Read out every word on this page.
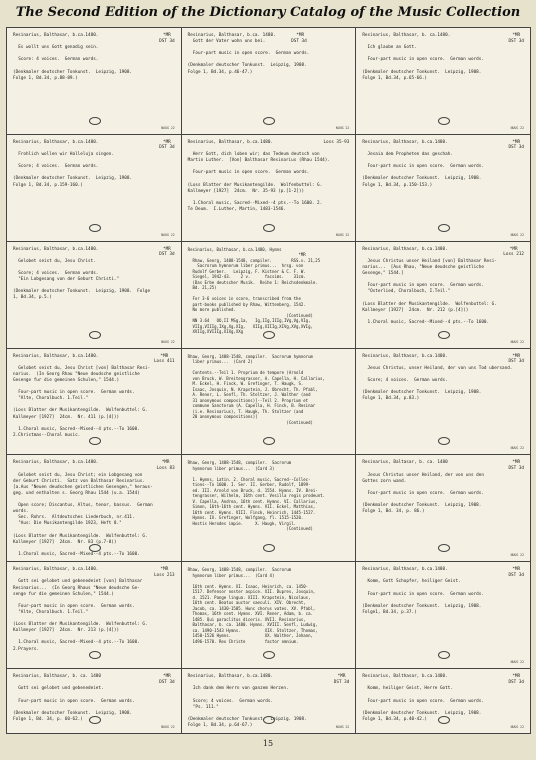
The Second Edition of the Dictionary Catalog of the Music Collection
Resinarius, Balthasar, b.ca.1480.

Es wollt uns Gott genadig sein.

Score: 4 voices.  German words.

(Denkmaler deutscher Tonkunst.  Leipzig, 1908.
Folge 1, Bd.34, p.88-89.)
*MR
DST 3d
NUUG 22
Resinarius, Balthasar, b.ca. 1480.        *MR
Gott der Vater wohn uns bei.          DST 3d

Four-part music in open score.  German words.

(Denkmaler deutscher Tonkunst.  Leipzig, 1908.
Folge 1, Bd.34, p.46-47.)
NUUG 22
Resinarius, Balthasar, b. ca.1480.

Ich glaube an Gott.

Four-part music in open score.  German words.

(Denkmaler deutscher Tonkunst.  Leipzig, 1908.
Folge 1, Bd.34, p.65-66.)
*MR
DST 3d
NUUG 22
Resinarius, Balthasar, b.ca.1480.

Frohlich wollen wir Halleluja singen.

Score; 4 voices.  German words.

(Denkmaler deutscher Tonkunst.  Leipzig, 1908.
Folge 1, Bd.34, p.159-160.)
*MR
DST 3d
NUUG 22
Resinarius, Balthasar, b.ca.1480.

Herr Gott, dich loben wir; das Tedeum deutsch von
Martin Luther.  [Von] Balthasar Resinarius (Rhau 1544).

Four-part music in open score.  German words.

(Loss Blatter der Musikantengilde.  Wolfenbuttel: G.
Kallmeyer [1927]  24cm.  Nr. 35-93 (p.[1-2]))

1.Choral music, Sacred--Mixed--4 pts.--To 1600. 2.
Te Deum.  I.Luther, Martin, 1483-1546.
Loss 35-93
NUUG 22
Resinarius, Balthasar, b.ca.1480.

Jesaia dem Propheten das geschah.

Four-part music in open score.  German words.

(Denkmaler deutscher Tonkunst.  Leipzig, 1908.
Folge 1, Bd.34, p.150-153.)
*MR
DST 3d
NUUG 22
Resinarius, Balthasar, b.ca.1480.

Gelobet seist du, Jesu Christ.

Score; 4 voices.  German words.
"Ein Lobgesang von der Geburt Christi."

(Denkmaler deutscher Tonkunst.  Leipzig, 1908.  Folge
1, Bd.34, p.5.)
*MR
DST 3d
NUUG 22
Resinarius, Balthasar, b.ca.1480, Hymns
*MR
Rhaw, Georg, 1488-1548, compiler.        RSS.v. 21,25
Sacrorum hymnorum liber primus...  hrsg. von
Rudolf Gerber.   Leipzig, F. Kistner & C. F. W.
Siegel, 1942-43.    2 v.      facsims.    31cm.
(Das Erbe deutscher Musik.  Reihe 1: Reichsdenkmale.
Bd. 21,25)

For 3-6 voices in score, transcribed from the
part-books published by Rhaw, Wittenberg, 1542.
No more published.
(Continued)
NN 3.64   OO,II MSg,1a,   Ig,IIg,IIIg,IVg,Vg,VIg,
VIIg,VIIIg,IXg,Xg,XIg,   XIIg,XIIIg,XIVg,XVg,XVIg,
XVIIg,XVIIIg,XIXg,XXg
Resinarius, Balthasar, b.ca.1480.

Jesus Christus unser Heiland [von] Balthasar Resi-
narius...  [Aus Rhau, "Neue deudsche geistliche
Gesenge," 1544.]

Four-part music in open score.  German words.
"Osterlied, Choralbuch, I.Teil."

(Loss Blatter der Musikantengilde.  Wolfenbuttel: G.
Kallmeyer [1927]  24cm.  Nr. 212 (p.[4]))

1.Choral music, Sacred--Mixed--4 pts.--To 1600.
*MR
Loss 212
NUUG 22
Resinarius, Balthasar, b.ca.1480.

Gelobet seist du, Jesu Christ [von] Balthasar Resi-
narius.  (In Georg Rhau "Neue deudsche geistliche
Gesenge fur die gemeinen Schulen," 1544.)

Four-part music in open score.  German words.
"Alte, Choralbuch. 1.Teil."

(Loss Blatter der Musikantengilde.  Wolfenbuttel: G.
Kallmeyer [1927]  24cm.  Nr. 411 (p.[4]))

1.Choral music, Sacred--Mixed--4 pts.--To 1600.
2.Christmas--Choral music.
*MR
Loss 411
Rhaw, Georg, 1488-1548, compiler.  Sacrorum hymnorum
liber primus...  (Card 2)

Contents.--Teil 1. Proprium de tempore (Arnold
von Bruck, W. Breitengrasser, A. Capella, H. Callarius,
M. Eckel, H. Finck, W. Grefinger, T. Haugk, S.
Isaac, Josquin, N. Krapstein, J. Obrecht, Th. Pfabl,
A. Rener, L. Senfl, Th. Stoltzer, J. Walther (and
31 anonymous compositions)]--Teil 2. Proprium et
commune Sanctorum (A. Capella, H. Finck, B. Resinar
(i.e. Resinarius), T. Haugk, Th. Stoltzer (and
20 anonymous compositions)]
(Continued)
Resinarius, Balthasar, b.ca.1480.

Jesus Christus, unser Heiland, der von uns Tod ubersand.

Score; 4 voices.  German words.

(Denkmaler deutscher Tonkunst.  Leipzig, 1908.
Folge 1, Bd.34, p.83.)
*MR
DST 3d
NUUG 22
Resinarius, Balthasar, b.ca.1480.

Gelobet seist du, Jesu Christ; ein Lobgesang von
der Geburt Christi.  Satz von Balthasar Resinarius.
[a.Aus "Neuen deudschen geistlichen Gesengen," heraus-
geg. und enthalten s. Georg Rhau 1544 (u.a. 1544)

Open score; Discantus, Altus, tenor, bassus.  German
words.
Sec. Rohrs.  Altdeutsches Liederbuch, nr.411.
"Aus: Die Musikantengilde 1923, Heft 8."

(Loss Blatter der Musikantengilde.  Wolfenbuttel: G.
Kallmeyer [1927]  24cm.  Nr. 83 (p.7-8))

1.Choral music, Sacred--Mixed--4 pts.--To 1600.
*MR
Loss 83
Rhaw, Georg, 1488-1548, compiler.  Sacrorum
hymnorum liber primus...  (Card 3)

1. Hymns, Latin. 2. Choral music, Sacred--Collec-
tions--To 1600. I. Ser. II. Gerber, Rudolf, 1899-
ed. III. Arnold von Bruck, d. 1554. Hymns. IV. Brei-
tengrasser, Wilhelm, 16th cent. Vesilla regis prodeunt.
V. Capella, Andrea, 16th cent. Hymns. VI. Callarius,
Simon, 16th-16th cent. Hymns. VII. Eckel, Matthias,
16th cent. Hymns. VIII. Finck, Heinrich, 1445-1527.
Hymns. IX. Grefinger, Wolfgang, fl. 1515-1520.
Hostis Herodes impie.     X. Haugk, Virgil.
(Continued)
Resinarius, Baltasar, b. ca. 1480

Jesus Christus unser Heiland, der von uns den
Gottes zorn wand.

Four-part music in open score.  German words.

(Denkmaler deutscher Tonkunst.  Leipzig, 1908.
Folge 1, Bd. 34, p. 86.)
*MR
DST 3d
NUUG 22
Resinarius, Balthasar, b.ca.1480.

Gott sei gelobet und gebenedeiet [von] Balthasar
Resinarius...  (In Georg Rhaus "Neue deudsche Ge-
senge fur die gemeinen Schulen," 1544.)

Four-part music in open score.  German words.
"Alte, Choralbuch. 1.Teil."

(Loss Blatter der Musikantengilde.  Wolfenbuttel: G.
Kallmeyer [1927]  24cm.  Nr. 213 (p.[4]))

1.Choral music, Sacred--Mixed--4 pts.--To 1600.
2.Prayers.
*MR
Loss 213
Rhaw, Georg, 1488-1548, compiler.  Sacrorum
hymnorum liber primus...  (Card 4)

16th cent. Hymns. XI. Isaac, Heinrich, ca. 1450-
1517. Defensor noster aspice. XII. Dupres, Josquin,
d. 1521. Pange lingua. XIII. Krapstein, Nicolaus,
16th cent. Beatus auctor saeculi. XIV. Obrecht,
Jacob, ca. 1430-1505. Hunc chorus vates. XV. Pfabl,
Thomas, 16th cent. Hymns. XVI. Rener, Adam, b. ca.
1485. Qui paraclitus diceris. XVII. Resinarius,
Balthasar, b. ca. 1480. Hymns. XVIII. Senfl, Ludwig,
ca. 1490-1543 Hymns.          XIX. Stoltzer, Thomas,
1450-1526 Hymns.              XX. Walther, Johann,
1496-1570. Rex Christe        factor omnium.
Resinarius, Balthasar, b.ca.1480.

Komm, Gott Schopfer, heiliger Geist.

Four-part music in open score.  German words.

(Denkmaler deutscher Tonkunst.  Leipzig, 1908.
Folge1, Bd.34, p.37.)
*MR
DST 3d
NUUG 22
Resinarius, Balthasar, b. ca. 1480

Gott sei gelobet und gebenedeiet.

Four-part music in open score.  German words.

(Denkmaler deutscher Tonkunst.  Leipzig, 1908.
Folge 1, Bd. 34, p. 60-62.)
*MR
DST 3d
NUUG 22
Resinarius, Balthasar, b.ca.1480.

Ich dank dem Herrn von ganzem Herzen.

Score; 4 voices.  German words.
"Ps. 111."

(Denkmaler deutscher Tonkunst.  Leipzig. 1908.
Folge 1, Bd.34, p.64-67.)
*MR
DST 3d
NUUG 22
Resinarius, Balthasar, b.ca.1480.

Komm, heiliger Geist, Herre Gott.

Four-part music in open score.  German words.

(Denkmaler deutscher Tonkunst.  Leipzig, 1908.
Folge 1, Bd.34, p.40-42.)
*MR
DST 3d
NUUG 22
15
